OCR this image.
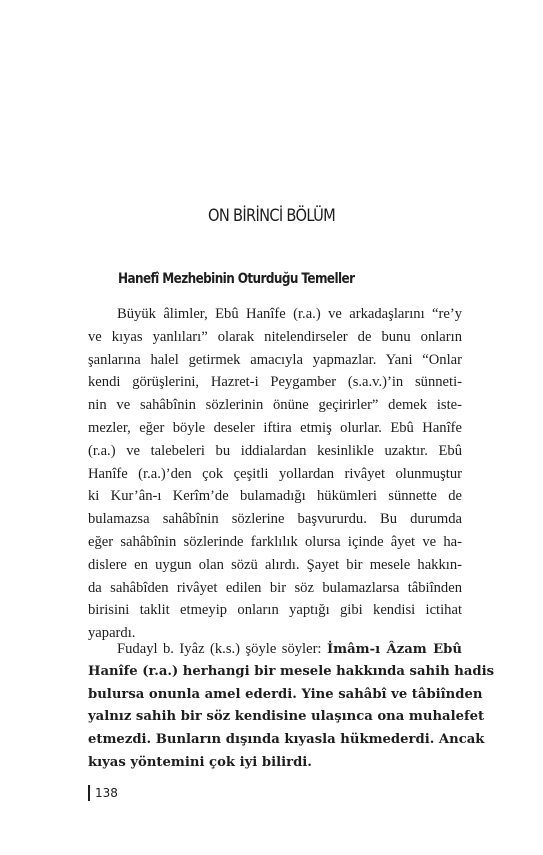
ON BİRİNCİ BÖLÜM
Hanefî Mezhebinin Oturduğu Temeller
Büyük âlimler, Ebû Hanîfe (r.a.) ve arkadaşlarını “re’y
ve kıyas yanlıları” olarak nitelendirseler de bunu onların
şanlarına halel getirmek amacıyla yapmazlar. Yani “Onlar
kendi görüşlerini, Hazret-i Peygamber (s.a.v.)’in sünneti-
nin ve sahâbînin sözlerinin önüne geçirirler” demek iste-
mezler, eğer böyle deseler iftira etmiş olurlar. Ebû Hanîfe
(r.a.) ve talebeleri bu iddialardan kesinlikle uzaktır. Ebû
Hanîfe (r.a.)’den çok çeşitli yollardan rivâyet olunmuştur
ki Kur’ân-ı Kerîm’de bulamadığı hükümleri sünnette de
bulamazsa sahâbînin sözlerine başvururdu. Bu durumda
eğer sahâbînin sözlerinde farklılık olursa içinde âyet ve ha-
dislere en uygun olan sözü alırdı. Şayet bir mesele hakkın-
da sahâbîden rivâyet edilen bir söz bulamazlarsa tâbiînden
birisini taklit etmeyip onların yaptığı gibi kendisi ictihat
yapardı.
Fudayl b. Iyâz (k.s.) şöyle söyler: İmâm-ı Âzam Ebû
Hanîfe (r.a.) herhangi bir mesele hakkında sahih hadis
bulursa onunla amel ederdi. Yine sahâbî ve tâbiînden
yalnız sahih bir söz kendisine ulaşınca ona muhalefet
etmezdi. Bunların dışında kıyasla hükmederdi. Ancak
kıyas yöntemini çok iyi bilirdi.
138
